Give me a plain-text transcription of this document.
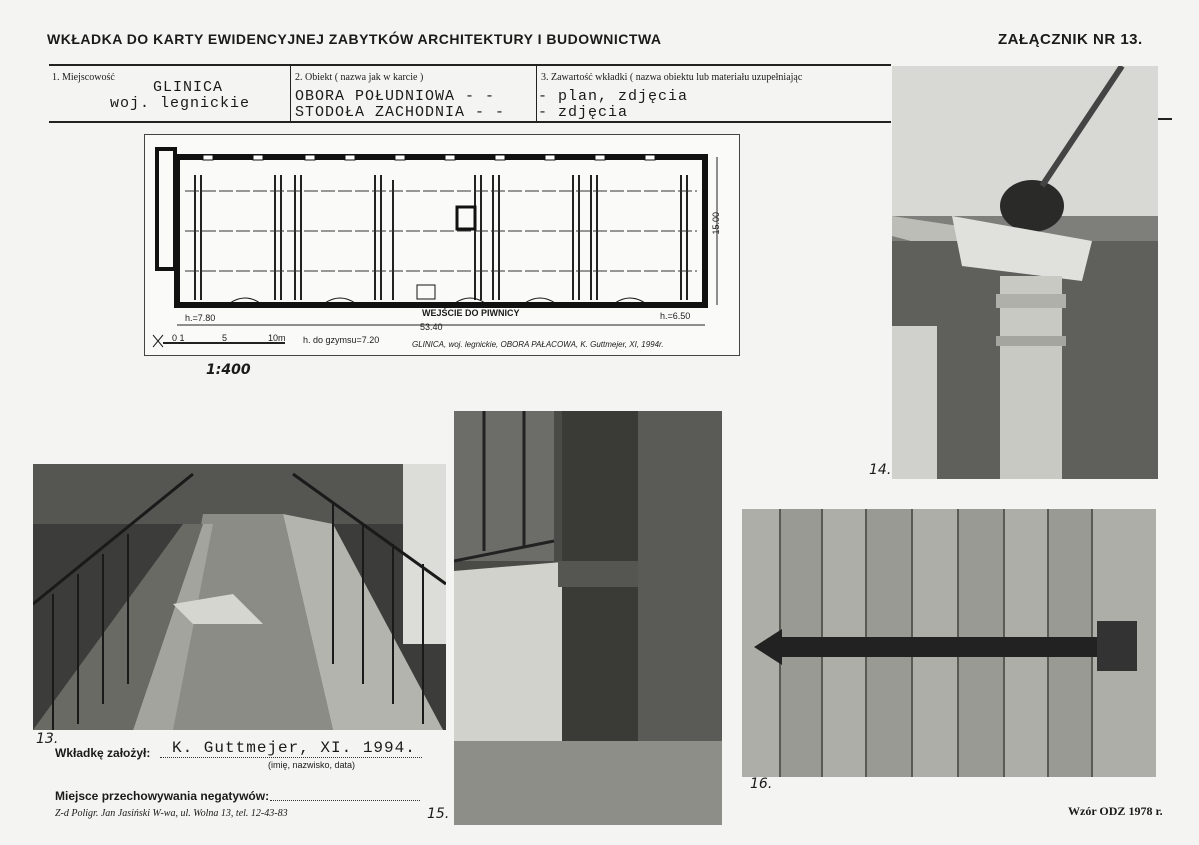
WKŁADKA DO KARTY EWIDENCYJNEJ ZABYTKÓW ARCHITEKTURY I BUDOWNICTWA	ZAŁĄCZNIK NR 13.
1. Miejscowość
GLINICA
woj. legnickie
2. Obiekt ( nazwa jak w karcie )
OBORA POŁUDNIOWA - -
STODOŁA ZACHODNIA - -
3. Zawartość wkładki ( nazwa obiektu lub materiału uzupełniając
- plan, zdjęcia
- zdjęcia
15.00
h.=7.80	WEJŚCIE DO PIWNICY	h.=6.50
53.40
0 1	5	10m h. do gzymsu=7.20	GLINICA, woj. legnickie, OBORA PAŁACOWA, K. Guttmejer, XI, 1994r.
1:400
14.
13.
15.
16.
Wkładkę założył: K. Guttmejer, XI. 1994.
(imię, nazwisko, data)
Miejsce przechowywania negatywów:
Z-d Poligr. Jan Jasiński W-wa, ul. Wolna 13, tel. 12-43-83	Wzór ODZ 1978 r.
